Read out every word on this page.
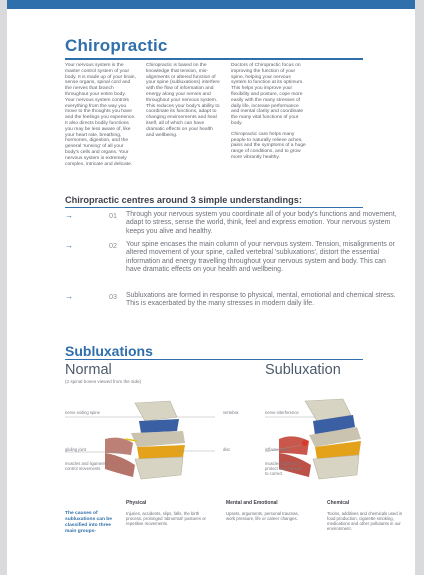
Chiropractic

Your nervous system is the master control system of your body. It is made up of your brain, sense organs, spinal cord and the nerves that branch throughout your entire body. Your nervous system controls everything from the way you move to the thoughts you have and the feelings you experience. It also directs bodily functions you may be less aware of, like your heart rate, breathing, hormones, digestion, and the general 'running' of all your body's cells and organs. Your nervous system is extremely complex, intricate and delicate.

Chiropractic is based on the knowledge that tension, mis-alignments or altered function of your spine (subluxations) interfere with the flow of information and energy along your nerves and throughout your nervous system. This reduces your body's ability to coordinate its functions, adapt to changing environments and heal itself, all of which can have dramatic effects on your health and wellbeing.

Doctors of Chiropractic focus on improving the function of your spine, helping your nervous system to function at its optimum. This helps you improve your flexibility and posture, cope more easily with the many stresses of daily life, increase performance and mental clarity and coordinate the many vital functions of your body.

Chiropractic care helps many people to naturally relieve aches, pains and the symptoms of a huge range of conditions, and to grow more vibrantly healthy.

Chiropractic centres around 3 simple understandings:
→	01 Through your nervous system you coordinate all of your body's functions and movement, adapt to stress, sense the world, think, feel and express emotion. Your nervous system keeps you alive and healthy.
→	02 Your spine encases the main column of your nervous system. Tension, misalignments or altered movement of your spine, called vertebral 'subluxations', distort the essential information and energy travelling throughout your nervous system and body. This can have dramatic effects on your health and wellbeing.
→	03 Subluxations are formed in response to physical, mental, emotional and chemical stress. This is exacerbated by the many stresses in modern daily life.
Subluxations
Normal
(2 spinal bones viewed from the side)
Subluxation
nerve exiting spine
gliding joint
muscles and ligaments control movements
vertebra
disc
nerve interference
inflamed joint
muscles tighten to protect and attempt to correct
The causes of subluxations can be classified into three main groups-
Physical
Injuries, accidents, slips, falls, the birth process, prolonged 'abnormal' postures or repetitive movements.
Mental and Emotional
Upsets, arguments, personal traumas, work pressure, life or career changes.
Chemical
Toxins, additives and chemicals used in food production, cigarette smoking, medications and other pollutants in our environment.
